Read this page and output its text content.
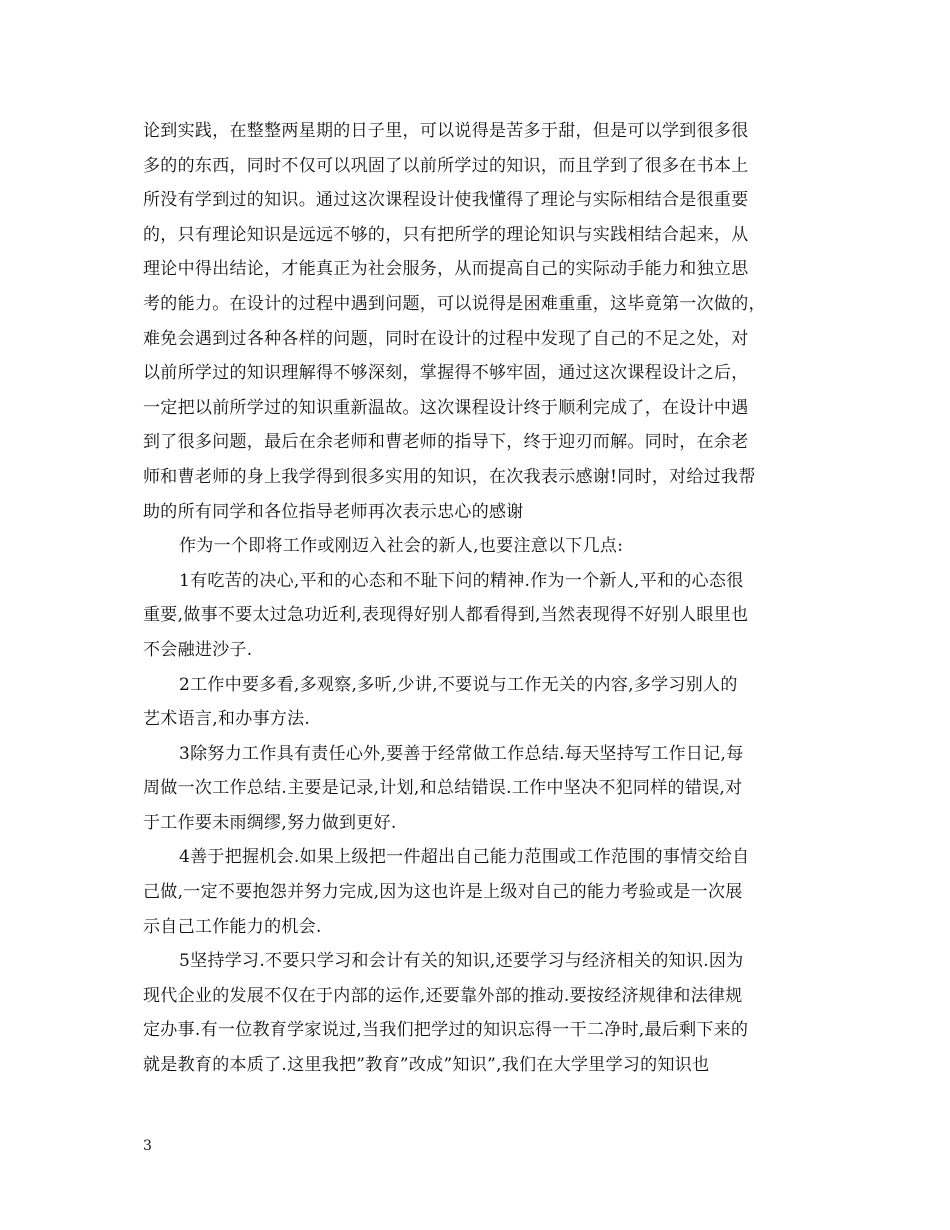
论到实践，在整整两星期的日子里，可以说得是苦多于甜，但是可以学到很多很
多的的东西，同时不仅可以巩固了以前所学过的知识，而且学到了很多在书本上
所没有学到过的知识。通过这次课程设计使我懂得了理论与实际相结合是很重要
的，只有理论知识是远远不够的，只有把所学的理论知识与实践相结合起来，从
理论中得出结论，才能真正为社会服务，从而提高自己的实际动手能力和独立思
考的能力。在设计的过程中遇到问题，可以说得是困难重重，这毕竟第一次做的，
难免会遇到过各种各样的问题，同时在设计的过程中发现了自己的不足之处，对
以前所学过的知识理解得不够深刻，掌握得不够牢固，通过这次课程设计之后，
一定把以前所学过的知识重新温故。这次课程设计终于顺利完成了，在设计中遇
到了很多问题，最后在余老师和曹老师的指导下，终于迎刃而解。同时，在余老
师和曹老师的身上我学得到很多实用的知识，在次我表示感谢!同时，对给过我帮
助的所有同学和各位指导老师再次表示忠心的感谢
作为一个即将工作或刚迈入社会的新人,也要注意以下几点:
1有吃苦的决心,平和的心态和不耻下问的精神.作为一个新人,平和的心态很
重要,做事不要太过急功近利,表现得好别人都看得到,当然表现得不好别人眼里也
不会融进沙子.
2工作中要多看,多观察,多听,少讲,不要说与工作无关的内容,多学习别人的
艺术语言,和办事方法.
3除努力工作具有责任心外,要善于经常做工作总结.每天坚持写工作日记,每
周做一次工作总结.主要是记录,计划,和总结错误.工作中坚决不犯同样的错误,对
于工作要未雨绸缪,努力做到更好.
4善于把握机会.如果上级把一件超出自己能力范围或工作范围的事情交给自
己做,一定不要抱怨并努力完成,因为这也许是上级对自己的能力考验或是一次展
示自己工作能力的机会.
5坚持学习.不要只学习和会计有关的知识,还要学习与经济相关的知识.因为
现代企业的发展不仅在于内部的运作,还要靠外部的推动.要按经济规律和法律规
定办事.有一位教育学家说过,当我们把学过的知识忘得一干二净时,最后剩下来的
就是教育的本质了.这里我把”教育”改成”知识”,我们在大学里学习的知识也
3
